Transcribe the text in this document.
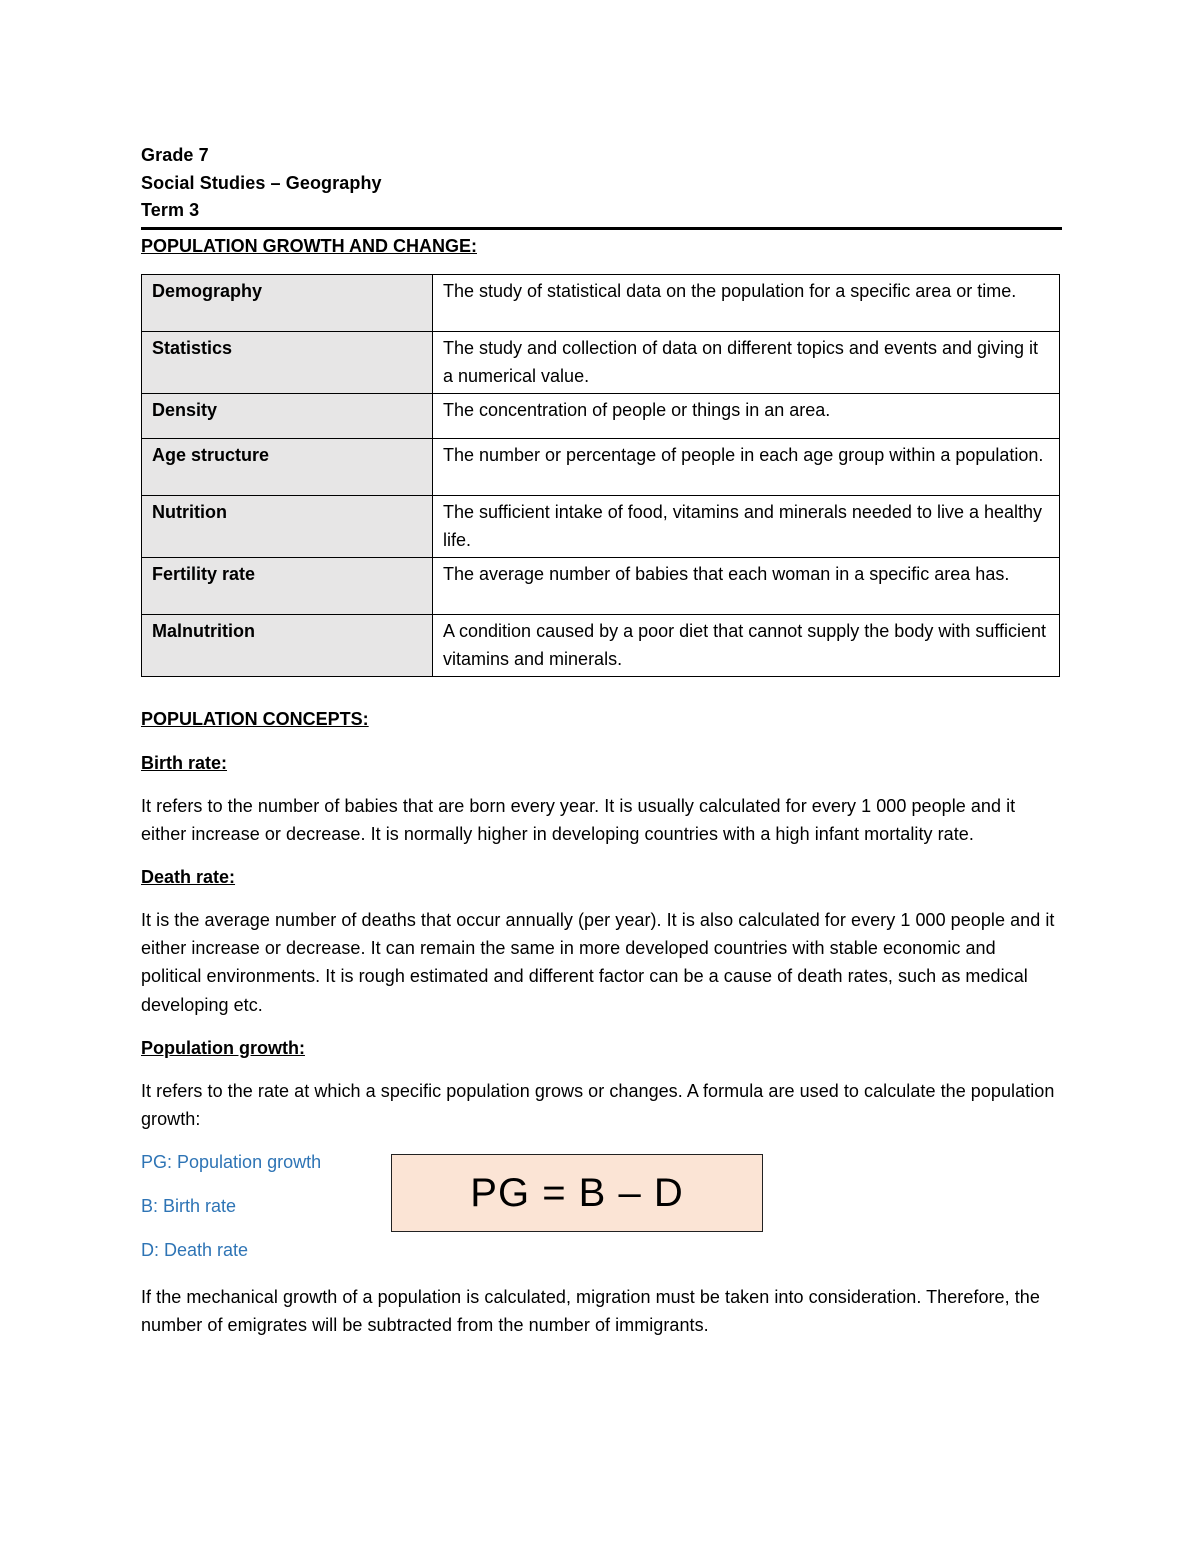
Grade 7
Social Studies – Geography
Term 3
POPULATION GROWTH AND CHANGE:
Demography	The study of statistical data on the population for a specific area or time.
Statistics	The study and collection of data on different topics and events and giving it a numerical value.
Density	The concentration of people or things in an area.
Age structure	The number or percentage of people in each age group within a population.
Nutrition	The sufficient intake of food, vitamins and minerals needed to live a healthy life.
Fertility rate	The average number of babies that each woman in a specific area has.
Malnutrition	A condition caused by a poor diet that cannot supply the body with sufficient vitamins and minerals.
POPULATION CONCEPTS:
Birth rate:

It refers to the number of babies that are born every year. It is usually calculated for every 1 000 people and it either increase or decrease. It is normally higher in developing countries with a high infant mortality rate.

Death rate:

It is the average number of deaths that occur annually (per year). It is also calculated for every 1 000 people and it either increase or decrease. It can remain the same in more developed countries with stable economic and political environments. It is rough estimated and different factor can be a cause of death rates, such as medical developing etc.

Population growth:

It refers to the rate at which a specific population grows or changes. A formula are used to calculate the population growth:

PG: Population growth
B: Birth rate
D: Death rate
PG = B – D

If the mechanical growth of a population is calculated, migration must be taken into consideration. Therefore, the number of emigrates will be subtracted from the number of immigrants.
